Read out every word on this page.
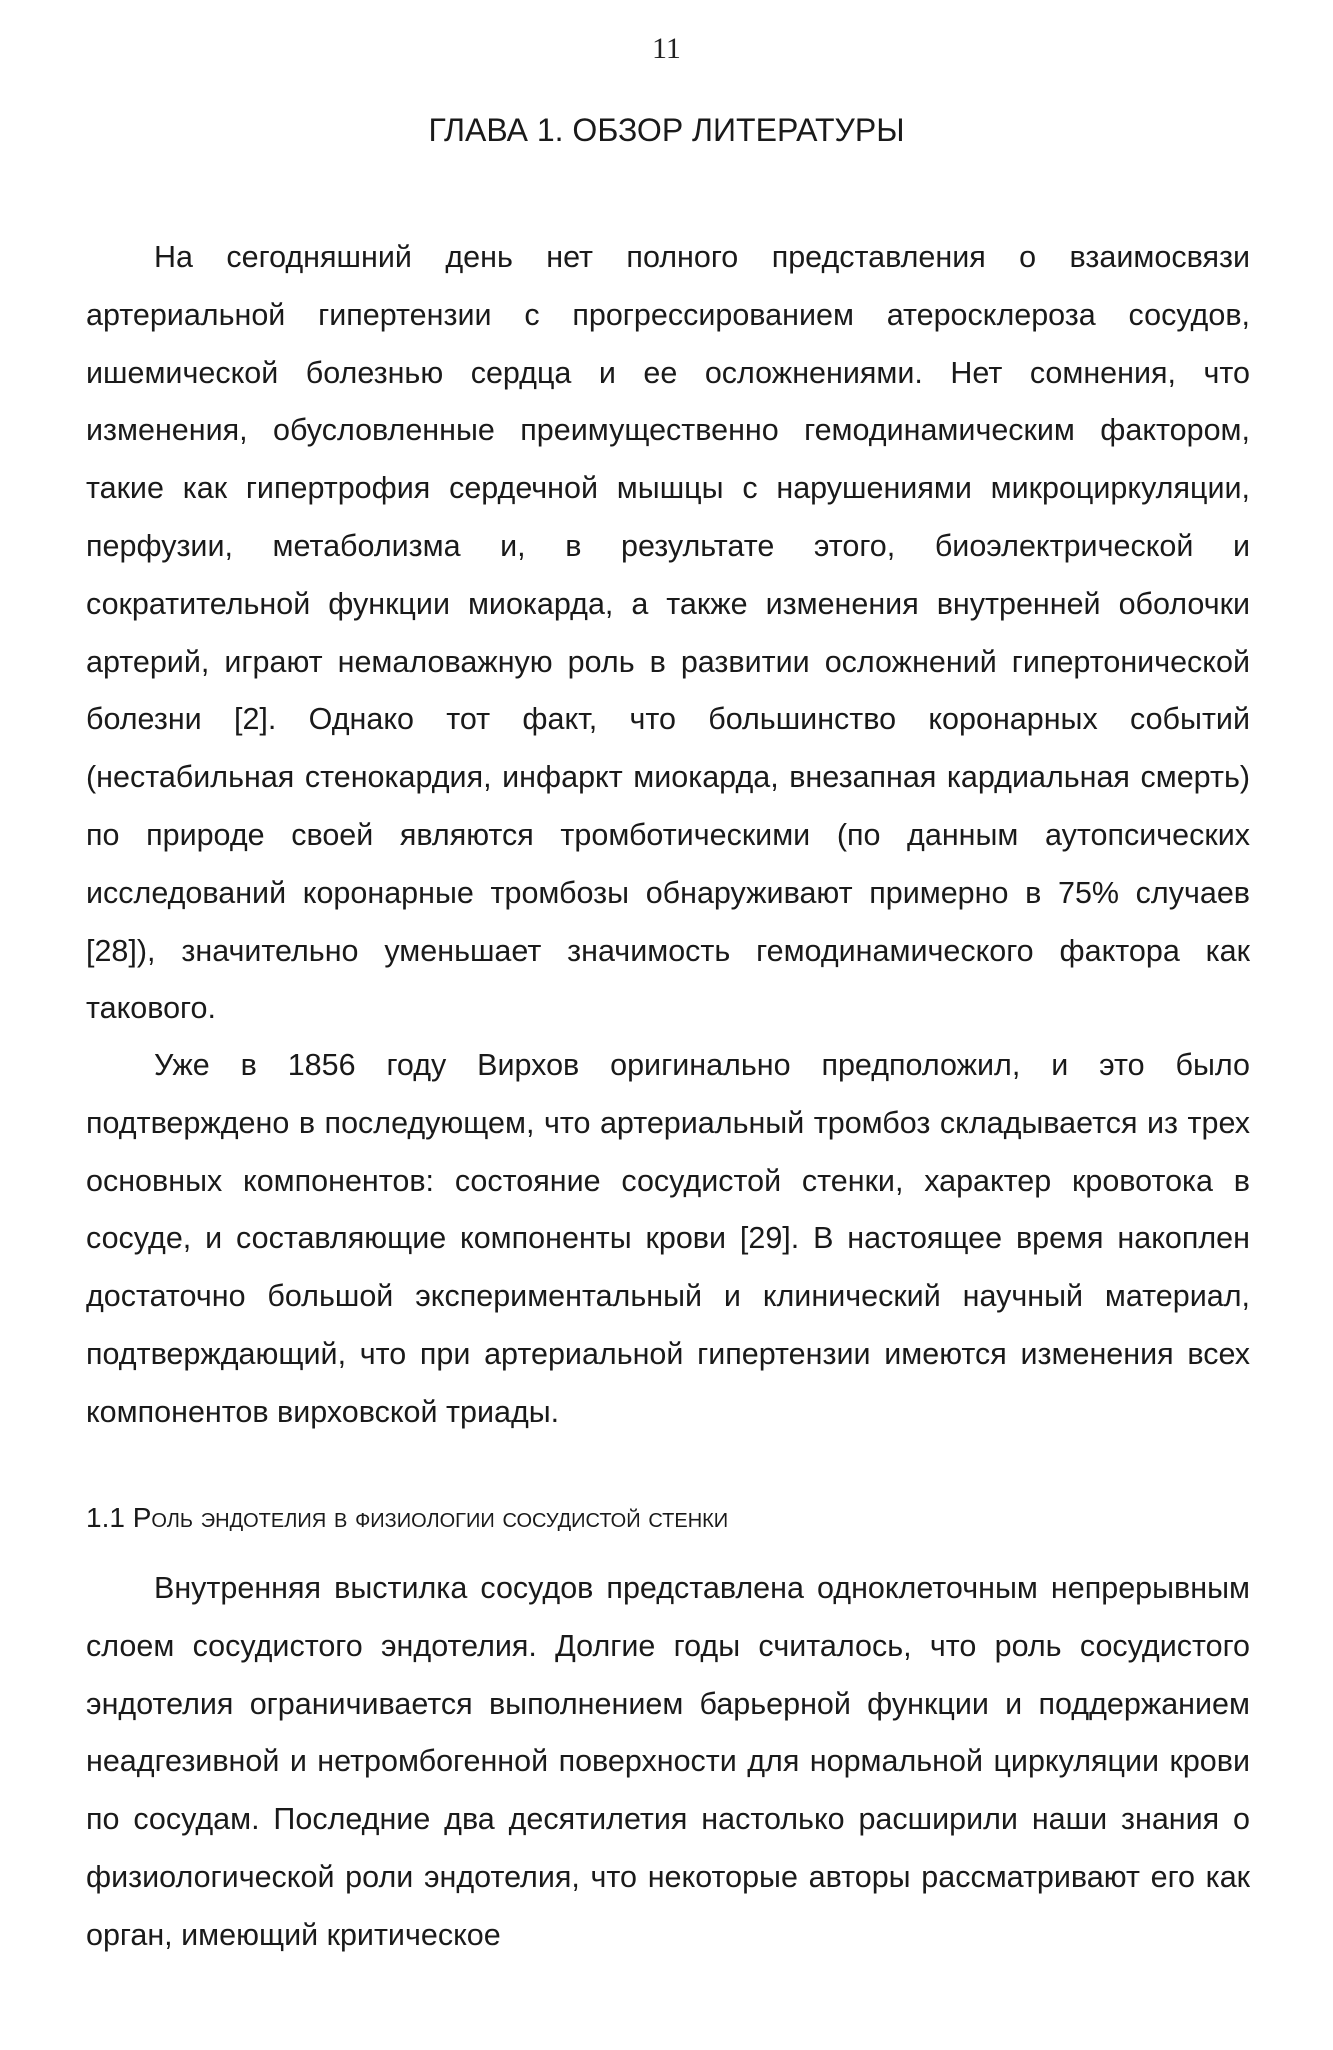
11
ГЛАВА 1. ОБЗОР ЛИТЕРАТУРЫ

На сегодняшний день нет полного представления о взаимосвязи артериальной гипертензии с прогрессированием атеросклероза сосудов, ишемической болезнью сердца и ее осложнениями. Нет сомнения, что изменения, обусловленные преимущественно гемодинамическим фактором, такие как гипертрофия сердечной мышцы с нарушениями микроциркуляции, перфузии, метаболизма и, в результате этого, биоэлектрической и сократительной функции миокарда, а также изменения внутренней оболочки артерий, играют немаловажную роль в развитии осложнений гипертонической болезни [2]. Однако тот факт, что большинство коронарных событий (нестабильная стенокардия, инфаркт миокарда, внезапная кардиальная смерть) по природе своей являются тромботическими (по данным аутопсических исследований коронарные тромбозы обнаруживают примерно в 75% случаев [28]), значительно уменьшает значимость гемодинамического фактора как такового.

Уже в 1856 году Вирхов оригинально предположил, и это было подтверждено в последующем, что артериальный тромбоз складывается из трех основных компонентов: состояние сосудистой стенки, характер кровотока в сосуде, и составляющие компоненты крови [29]. В настоящее время накоплен достаточно большой экспериментальный и клинический научный материал, подтверждающий, что при артериальной гипертензии имеются изменения всех компонентов вирховской триады.

1.1 Роль эндотелия в физиологии сосудистой стенки

Внутренняя выстилка сосудов представлена одноклеточным непрерывным слоем сосудистого эндотелия. Долгие годы считалось, что роль сосудистого эндотелия ограничивается выполнением барьерной функции и поддержанием неадгезивной и нетромбогенной поверхности для нормальной циркуляции крови по сосудам. Последние два десятилетия настолько расширили наши знания о физиологической роли эндотелия, что некоторые авторы рассматривают его как орган, имеющий критическое
